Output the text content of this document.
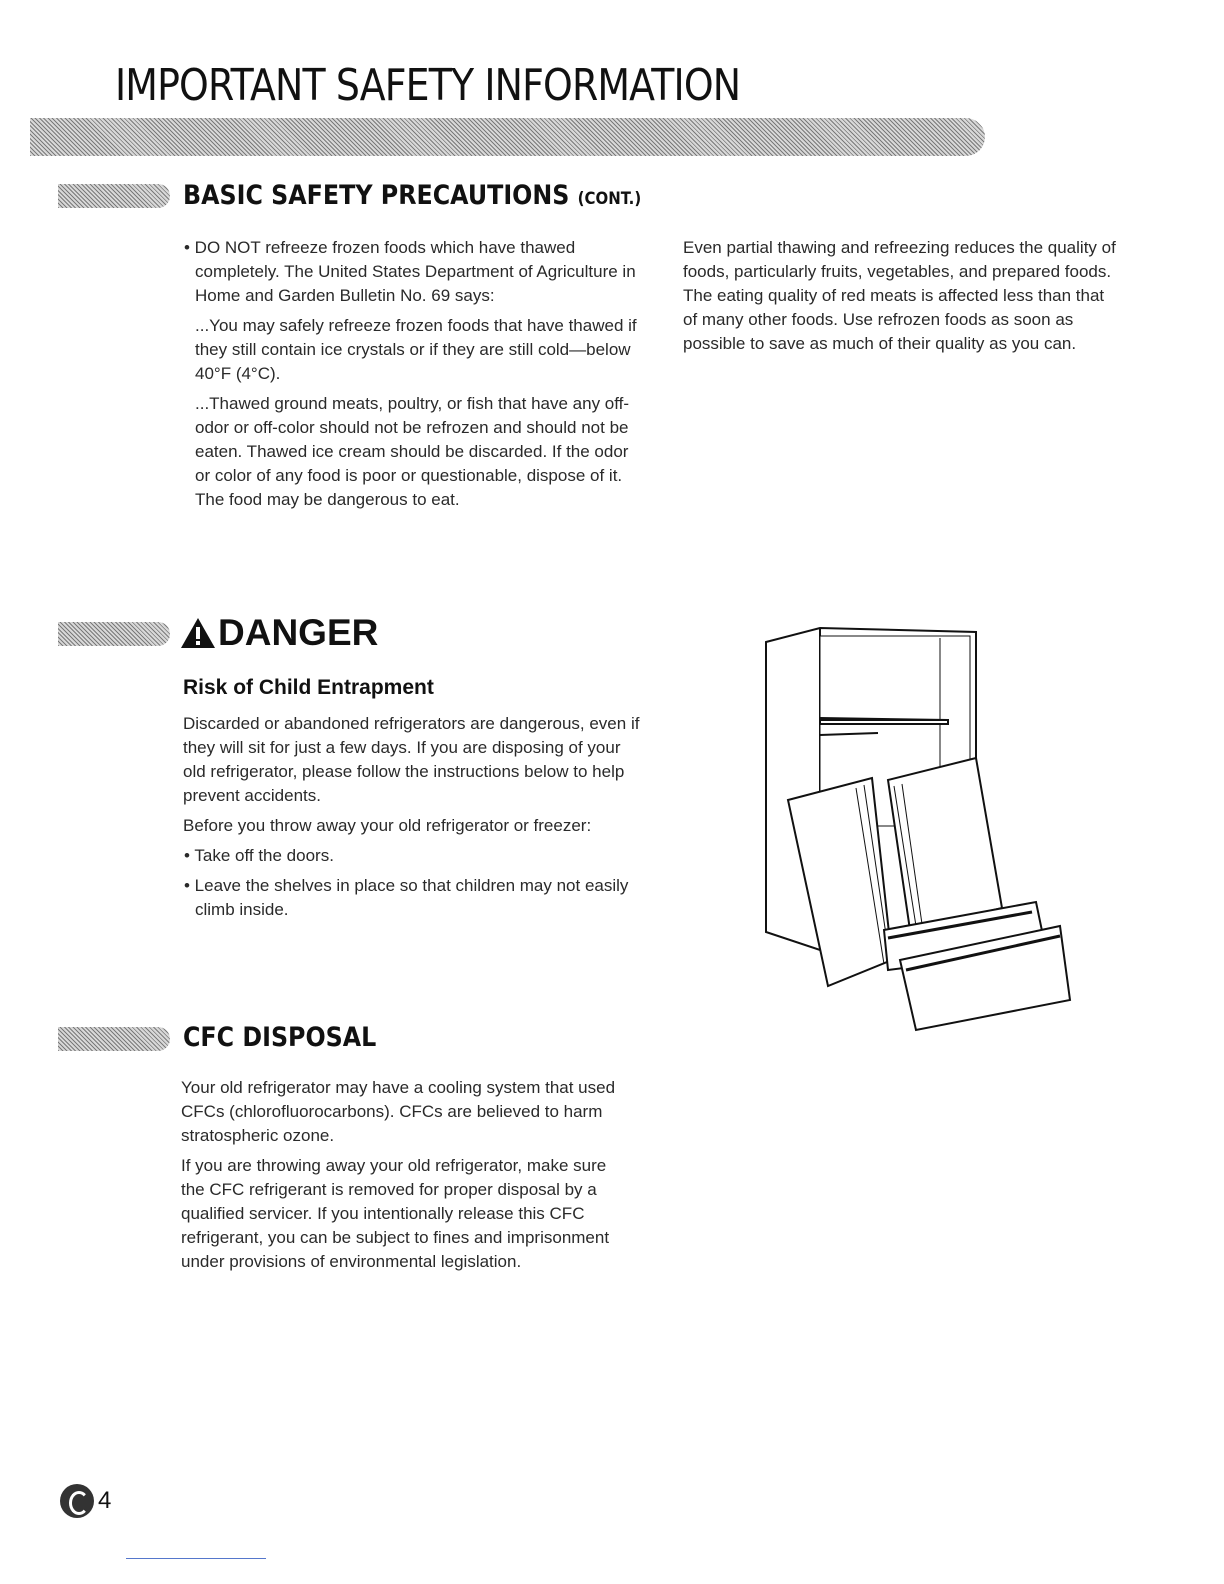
IMPORTANT SAFETY INFORMATION
BASIC SAFETY PRECAUTIONS (CONT.)

• DO NOT refreeze frozen foods which have thawed completely. The United States Department of Agriculture in Home and Garden Bulletin No. 69 says:

...You may safely refreeze frozen foods that have thawed if they still contain ice crystals or if they are still cold—below 40°F (4°C).

...Thawed ground meats, poultry, or fish that have any off-odor or off-color should not be refrozen and should not be eaten. Thawed ice cream should be discarded. If the odor or color of any food is poor or questionable, dispose of it. The food may be dangerous to eat.

Even partial thawing and refreezing reduces the quality of foods, particularly fruits, vegetables, and prepared foods. The eating quality of red meats is affected less than that of many other foods. Use refrozen foods as soon as possible to save as much of their quality as you can.

DANGER
Risk of Child Entrapment

Discarded or abandoned refrigerators are dangerous, even if they will sit for just a few days. If you are disposing of your old refrigerator, please follow the instructions below to help prevent accidents.

Before you throw away your old refrigerator or freezer:

• Take off the doors.

• Leave the shelves in place so that children may not easily climb inside.

CFC DISPOSAL

Your old refrigerator may have a cooling system that used CFCs (chlorofluorocarbons). CFCs are believed to harm stratospheric ozone.

If you are throwing away your old refrigerator, make sure the CFC refrigerant is removed for proper disposal by a qualified servicer. If you intentionally release this CFC refrigerant, you can be subject to fines and imprisonment under provisions of environmental legislation.

4
